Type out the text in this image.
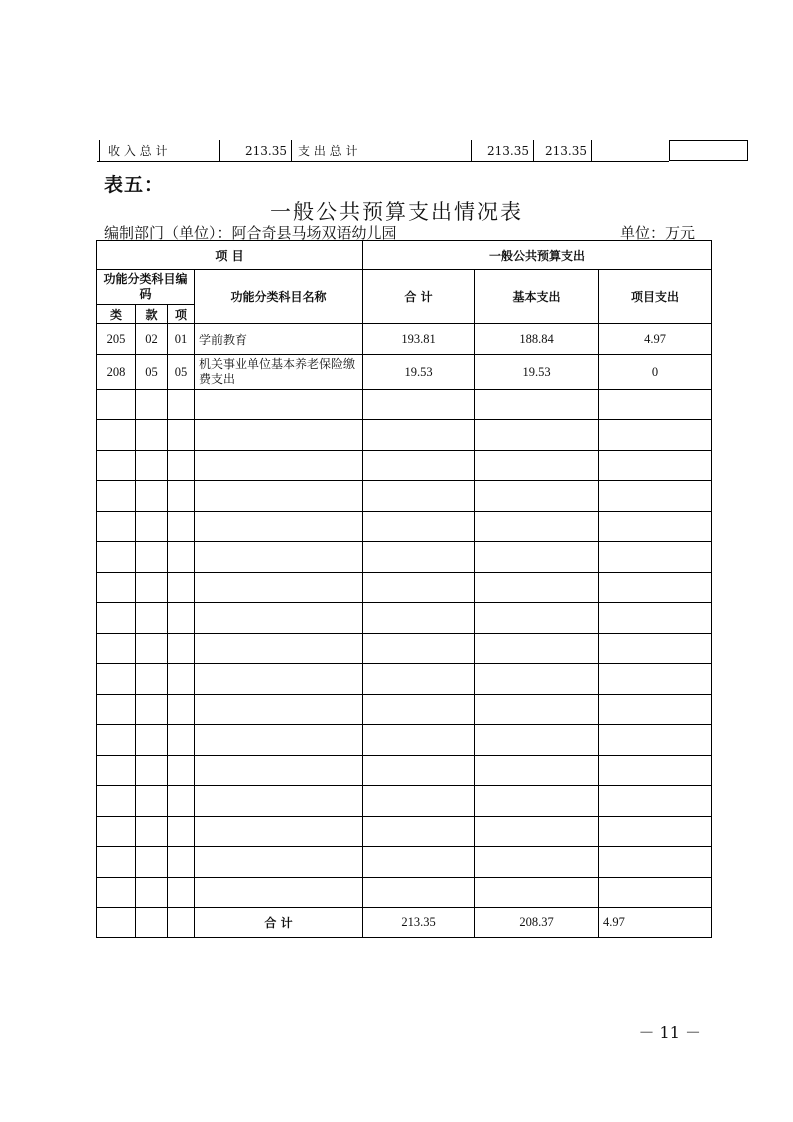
收 入 总 计	213.35 支 出 总 计	213.35	213.35
表五：
一般公共预算支出情况表
编制部门（单位）：阿合奇县马场双语幼儿园	单位：万元
项 目				一般公共预算支出		
功能分类科目编码			功能分类科目名称	合 计	基本支出	项目支出
类	款	项				
205	02	01	学前教育	193.81	188.84	4.97
208	05	05	机关事业单位基本养老保险缴费支出	19.53	19.53	0

			合 计	213.35	208.37	4.97
－ 11 －
